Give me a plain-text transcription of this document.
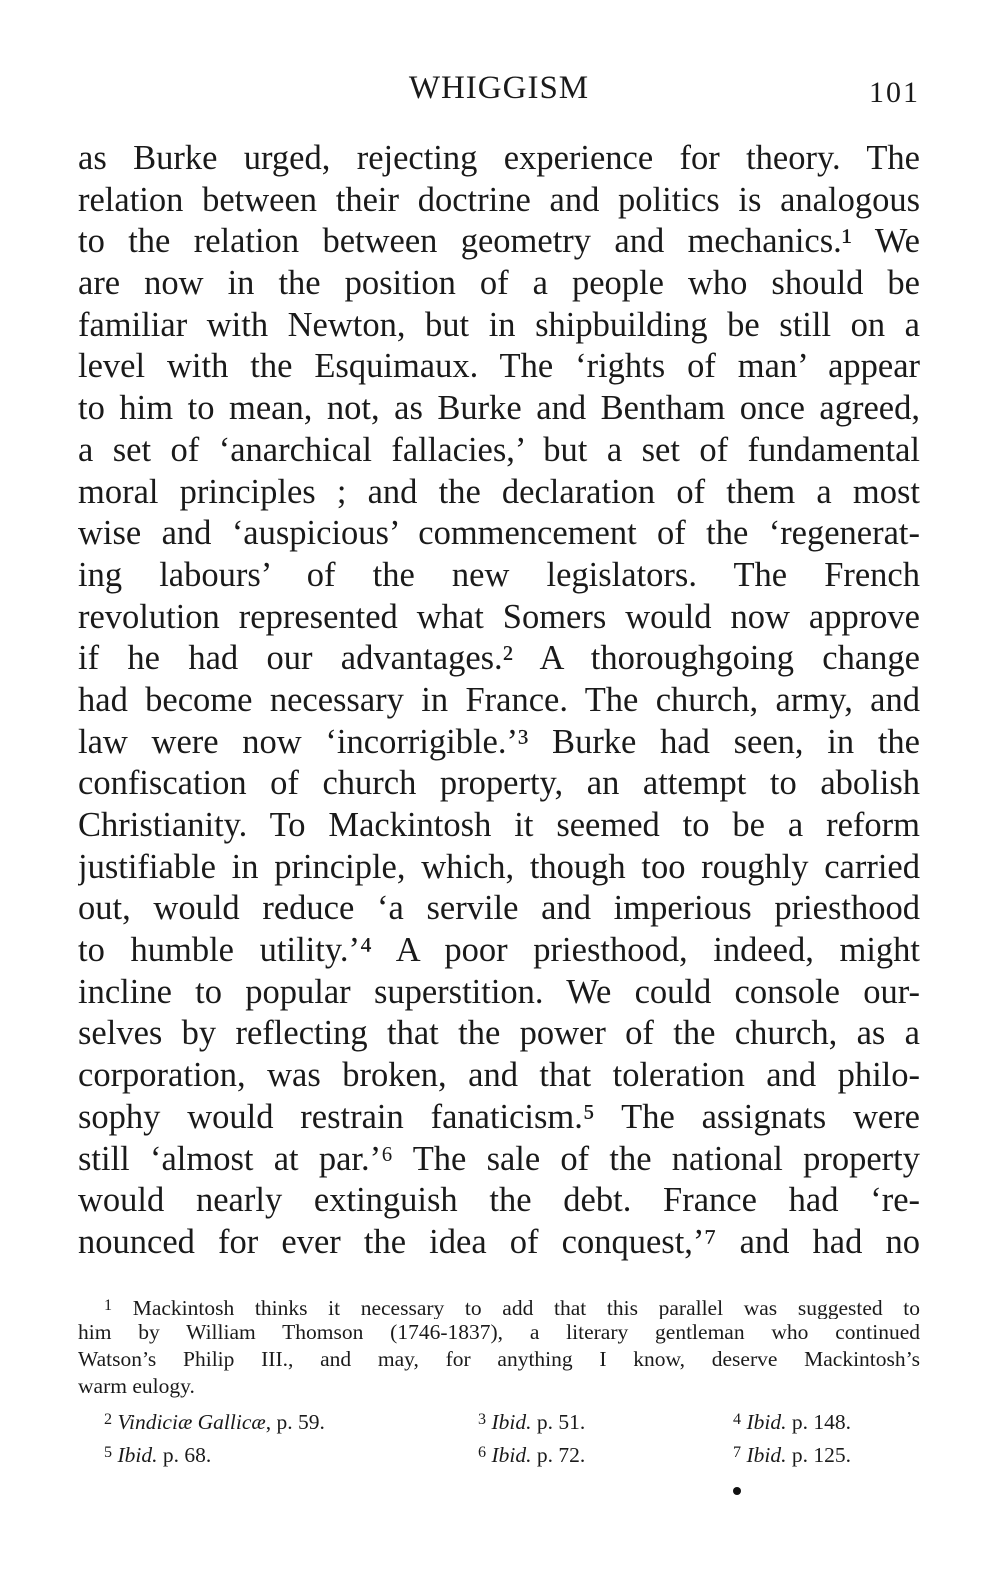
WHIGGISM	101
as Burke urged, rejecting experience for theory. The
relation between their doctrine and politics is analogous
to the relation between geometry and mechanics.¹ We
are now in the position of a people who should be
familiar with Newton, but in shipbuilding be still on a
level with the Esquimaux. The ‘rights of man’ appear
to him to mean, not, as Burke and Bentham once agreed,
a set of ‘anarchical fallacies,’ but a set of fundamental
moral principles ; and the declaration of them a most
wise and ‘auspicious’ commencement of the ‘regenerat-
ing labours’ of the new legislators. The French
revolution represented what Somers would now approve
if he had our advantages.² A thoroughgoing change
had become necessary in France. The church, army, and
law were now ‘incorrigible.’³ Burke had seen, in the
confiscation of church property, an attempt to abolish
Christianity. To Mackintosh it seemed to be a reform
justifiable in principle, which, though too roughly carried
out, would reduce ‘a servile and imperious priesthood
to humble utility.’⁴ A poor priesthood, indeed, might
incline to popular superstition. We could console our-
selves by reflecting that the power of the church, as a
corporation, was broken, and that toleration and philo-
sophy would restrain fanaticism.⁵ The assignats were
still ‘almost at par.’⁶ The sale of the national property
would nearly extinguish the debt. France had ‘re-
nounced for ever the idea of conquest,’⁷ and had no
$^1$ Mackintosh thinks it necessary to add that this parallel was suggested to
him by William Thomson (1746-1837), a literary gentleman who continued
Watson’s Philip III., and may, for anything I know, deserve Mackintosh’s
warm eulogy.
$^2$ Vindiciæ Gallicæ, p. 59.	$^3$ Ibid. p. 51.	$^4$ Ibid. p. 148.
$^5$ Ibid. p. 68.	$^6$ Ibid. p. 72.	$^7$ Ibid. p. 125.
